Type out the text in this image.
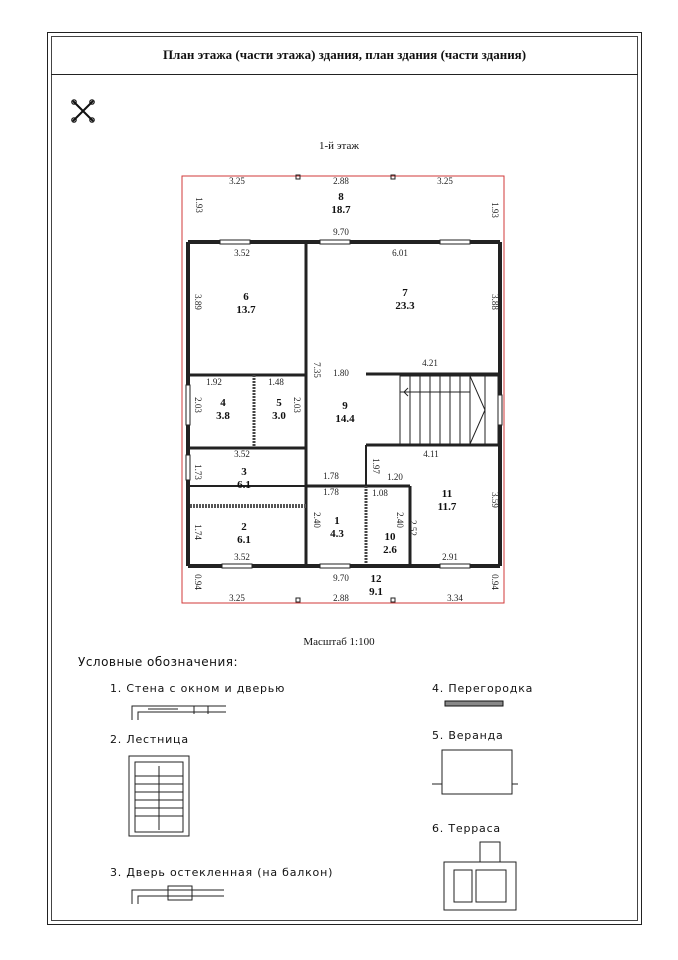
План этажа (части этажа) здания, план здания (части здания)
1-й этаж
3.25	2.88	3.25
1.93	1.93
9.70
3.52	6.01
3.89	3.88
7.35 1.80
4.21
1.92	1.48
2.03	2.03
3.52
1.73	1.78
1.78
1.97
1.20
4.11
1.08	3.59
2.40	2.40
2.52
1.74
3.52	2.91
9.70
0.94	0.94
3.25	2.88	3.34
8
18.7
6
13.7
7
23.3
4
3.8
5
3.0
9
14.4
3
6.1
11
11.7
1
4.3
2
6.1	10
2.6
12
9.1
Масштаб 1:100
Условные обозначения:
1. Стена с окном и дверью
2. Лестница
3. Дверь остекленная (на балкон)
4. Перегородка
5. Веранда
6. Терраса
